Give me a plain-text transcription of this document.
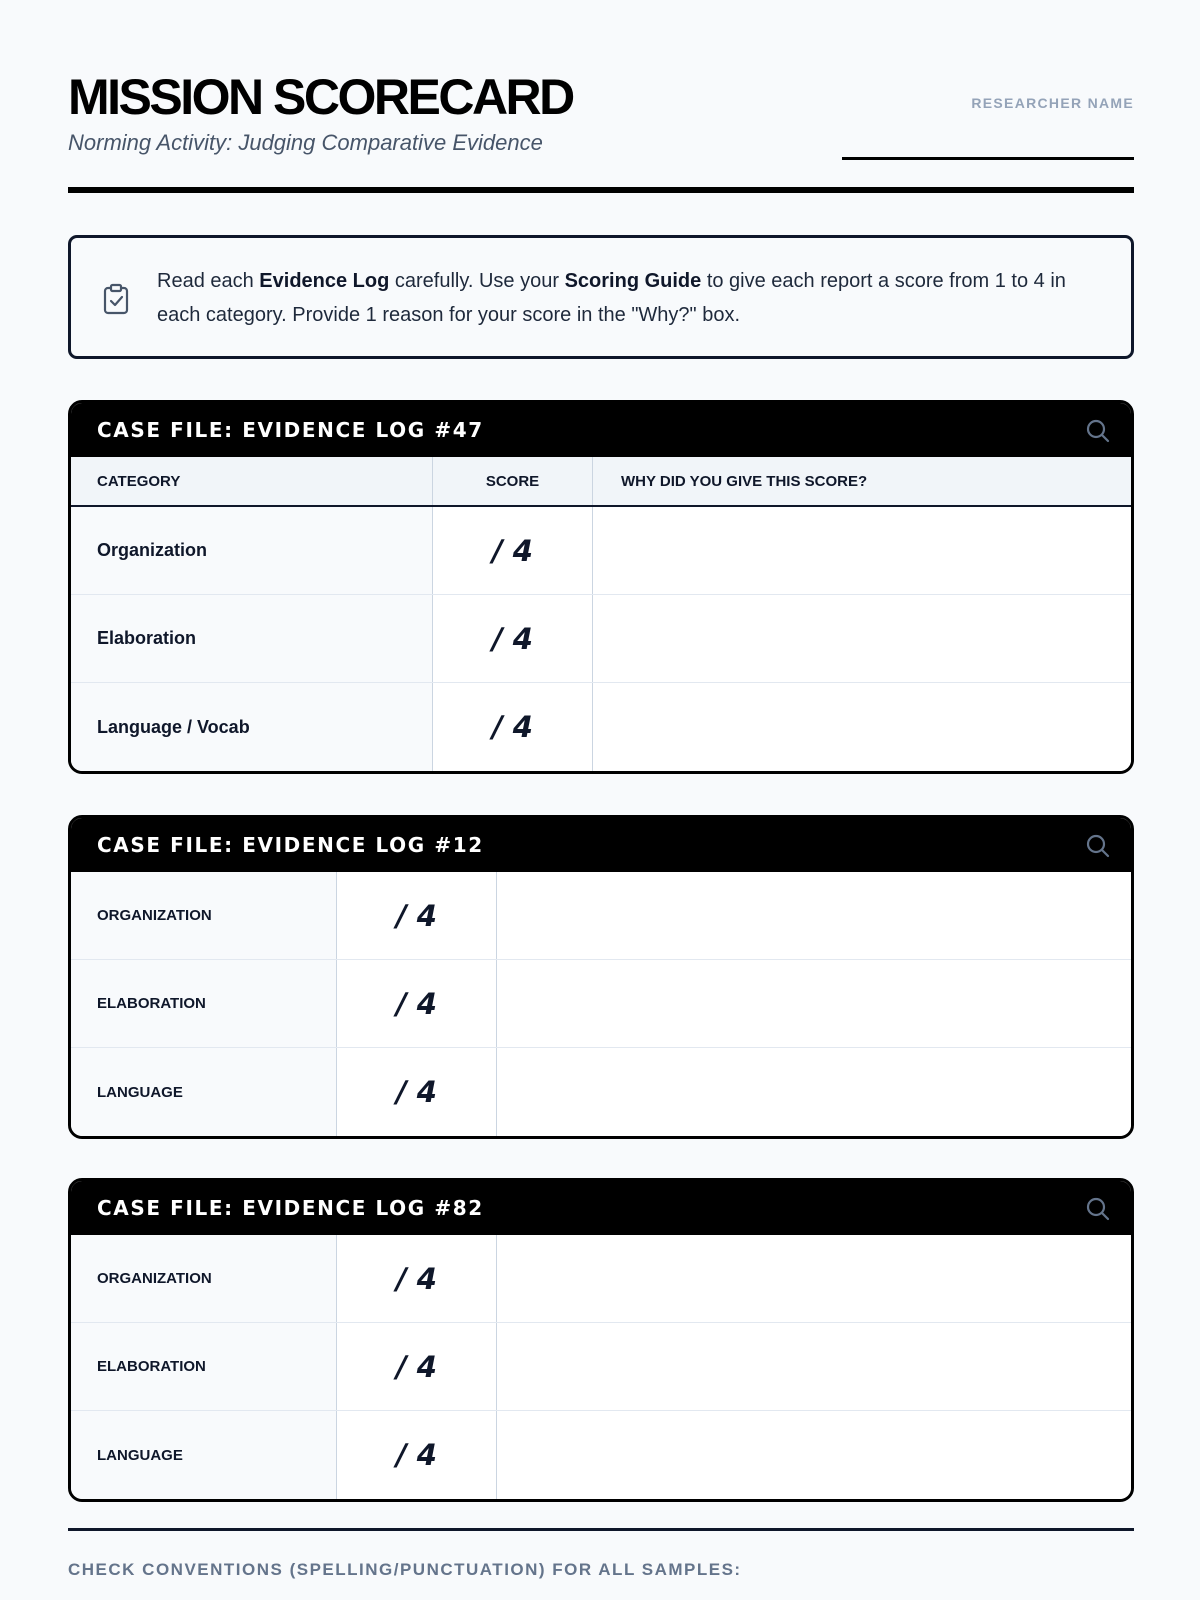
MISSION SCORECARD
Norming Activity: Judging Comparative Evidence
RESEARCHER NAME
Read each Evidence Log carefully. Use your Scoring Guide to give each report a score from 1 to 4 in each category. Provide 1 reason for your score in the "Why?" box.
CASE FILE: EVIDENCE LOG #47
CATEGORY	SCORE	WHY DID YOU GIVE THIS SCORE?
Organization	/ 4
Elaboration	/ 4
Language / Vocab	/ 4
CASE FILE: EVIDENCE LOG #12
ORGANIZATION	/ 4
ELABORATION	/ 4
LANGUAGE	/ 4
CASE FILE: EVIDENCE LOG #82
ORGANIZATION	/ 4
ELABORATION	/ 4
LANGUAGE	/ 4
CHECK CONVENTIONS (SPELLING/PUNCTUATION) FOR ALL SAMPLES:
